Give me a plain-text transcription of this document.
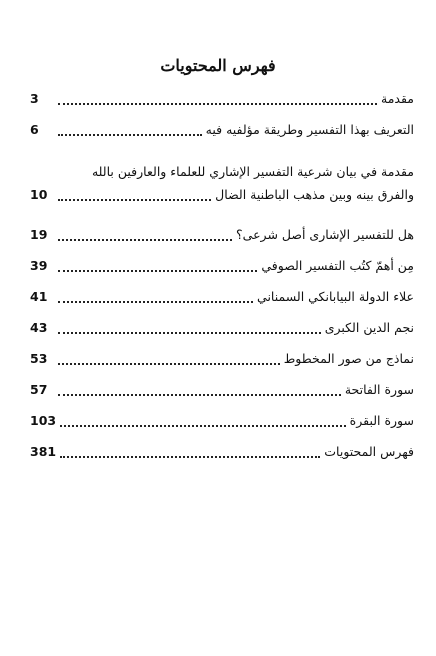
فهرس المحتويات
مقدمة
3
التعريف بهذا التفسير وطريقة مؤلفيه فيه
6
مقدمة في بيان شرعية التفسير الإشاري للعلماء والعارفين بالله
والفرق بينه وبين مذهب الباطنية الضال
10
هل للتفسير الإشارى أصل شرعى؟
19
مِن أهمّ كتُب التفسير الصوفي
39
علاء الدولة البيابانكي السمناني
41
نجم الدين الكبرى
43
نماذج من صور المخطوط
53
سورة الفاتحة
57
سورة البقرة
103
فهرس المحتويات
381
